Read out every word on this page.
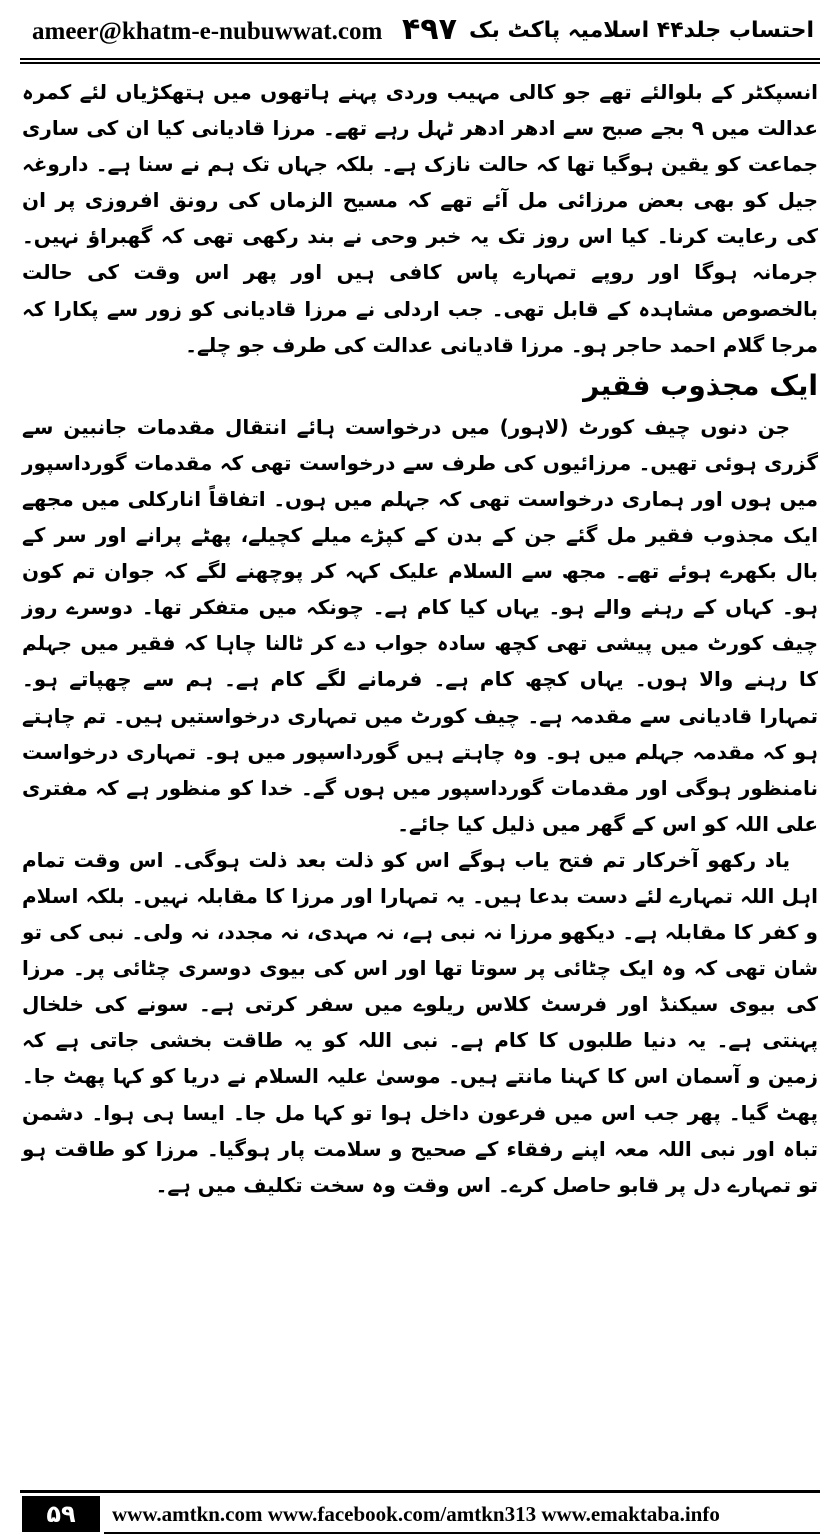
ameer@khatm-e-nubuwwat.com ۴۹۷ احتساب جلد۴۴ اسلامیہ پاکٹ بک

انسپکٹر کے بلوالئے تھے جو کالی مہیب وردی پہنے ہاتھوں میں ہتھکڑیاں لئے کمرہ عدالت میں ۹ بجے صبح سے ادھر ادھر ٹہل رہے تھے۔ مرزا قادیانی کیا ان کی ساری جماعت کو یقین ہوگیا تھا کہ حالت نازک ہے۔ بلکہ جہاں تک ہم نے سنا ہے۔ داروغہ جیل کو بھی بعض مرزائی مل آئے تھے کہ مسیح الزماں کی رونق افروزی پر ان کی رعایت کرنا۔ کیا اس روز تک یہ خبر وحی نے بند رکھی تھی کہ گھبراؤ نہیں۔ جرمانہ ہوگا اور روپے تمہارے پاس کافی ہیں اور پھر اس وقت کی حالت بالخصوص مشاہدہ کے قابل تھی۔ جب اردلی نے مرزا قادیانی کو زور سے پکارا کہ مرجا گلام احمد حاجر ہو۔ مرزا قادیانی عدالت کی طرف جو چلے۔

ایک مجذوب فقیر

جن دنوں چیف کورٹ (لاہور) میں درخواست ہائے انتقال مقدمات جانبین سے گزری ہوئی تھیں۔ مرزائیوں کی طرف سے درخواست تھی کہ مقدمات گورداسپور میں ہوں اور ہماری درخواست تھی کہ جہلم میں ہوں۔ اتفاقاً انارکلی میں مجھے ایک مجذوب فقیر مل گئے جن کے بدن کے کپڑے میلے کچیلے، پھٹے پرانے اور سر کے بال بکھرے ہوئے تھے۔ مجھ سے السلام علیک کہہ کر پوچھنے لگے کہ جوان تم کون ہو۔ کہاں کے رہنے والے ہو۔ یہاں کیا کام ہے۔ چونکہ میں متفکر تھا۔ دوسرے روز چیف کورٹ میں پیشی تھی کچھ سادہ جواب دے کر ٹالنا چاہا کہ فقیر میں جہلم کا رہنے والا ہوں۔ یہاں کچھ کام ہے۔ فرمانے لگے کام ہے۔ ہم سے چھپاتے ہو۔ تمہارا قادیانی سے مقدمہ ہے۔ چیف کورٹ میں تمہاری درخواستیں ہیں۔ تم چاہتے ہو کہ مقدمہ جہلم میں ہو۔ وہ چاہتے ہیں گورداسپور میں ہو۔ تمہاری درخواست نامنظور ہوگی اور مقدمات گورداسپور میں ہوں گے۔ خدا کو منظور ہے کہ مفتری علی اللہ کو اس کے گھر میں ذلیل کیا جائے۔

یاد رکھو آخرکار تم فتح یاب ہوگے اس کو ذلت بعد ذلت ہوگی۔ اس وقت تمام اہل اللہ تمہارے لئے دست بدعا ہیں۔ یہ تمہارا اور مرزا کا مقابلہ نہیں۔ بلکہ اسلام و کفر کا مقابلہ ہے۔ دیکھو مرزا نہ نبی ہے، نہ مہدی، نہ مجدد، نہ ولی۔ نبی کی تو شان تھی کہ وہ ایک چٹائی پر سوتا تھا اور اس کی بیوی دوسری چٹائی پر۔ مرزا کی بیوی سیکنڈ اور فرسٹ کلاس ریلوے میں سفر کرتی ہے۔ سونے کی خلخال پہنتی ہے۔ یہ دنیا طلبوں کا کام ہے۔ نبی اللہ کو یہ طاقت بخشی جاتی ہے کہ زمین و آسمان اس کا کہنا مانتے ہیں۔ موسیٰ علیہ السلام نے دریا کو کہا پھٹ جا۔ پھٹ گیا۔ پھر جب اس میں فرعون داخل ہوا تو کہا مل جا۔ ایسا ہی ہوا۔ دشمن تباہ اور نبی اللہ معہ اپنے رفقاء کے صحیح و سلامت پار ہوگیا۔ مرزا کو طاقت ہو تو تمہارے دل پر قابو حاصل کرے۔ اس وقت وہ سخت تکلیف میں ہے۔

۵۹	www.amtkn.com www.facebook.com/amtkn313 www.emaktaba.info
